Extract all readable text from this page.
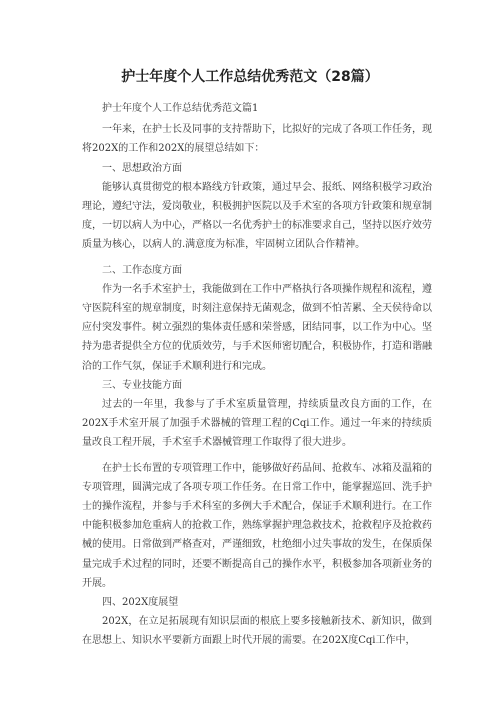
护士年度个人工作总结优秀范文（28篇）

护士年度个人工作总结优秀范文篇1

一年来，在护士长及同事的支持帮助下，比拟好的完成了各项工作任务，现将202X的工作和202X的展望总结如下：

一、思想政治方面

能够认真贯彻党的根本路线方针政策，通过早会、报纸、网络积极学习政治理论，遵纪守法，爱岗敬业，积极拥护医院以及手术室的各项方针政策和规章制度，一切以病人为中心，严格以一名优秀护士的标准要求自己，坚持以医疗效劳质量为核心，以病人的.满意度为标准，牢固树立团队合作精神。

二、工作态度方面

作为一名手术室护士，我能做到在工作中严格执行各项操作规程和流程，遵守医院科室的规章制度，时刻注意保持无菌观念，做到不怕苦累、全天侯待命以应付突发事件。树立强烈的集体责任感和荣誉感，团结同事，以工作为中心。坚持为患者提供全方位的优质效劳，与手术医师密切配合，积极协作，打造和谐融洽的工作气氛，保证手术顺利进行和完成。

三、专业技能方面

过去的一年里，我参与了手术室质量管理，持续质量改良方面的工作，在202X手术室开展了加强手术器械的管理工程的Cqi工作。通过一年来的持续质量改良工程开展，手术室手术器械管理工作取得了很大进步。

在护士长布置的专项管理工作中，能够做好药品间、抢救车、冰箱及温箱的专项管理，圆满完成了各项专项工作任务。在日常工作中，能掌握巡回、洗手护士的操作流程，并参与手术科室的多例大手术配合，保证手术顺利进行。在工作中能积极参加危重病人的抢救工作，熟练掌握护理急救技术，抢救程序及抢救药械的使用。日常做到严格查对，严谨细致，杜绝细小过失事故的发生，在保质保量完成手术过程的同时，还要不断提高自己的操作水平，积极参加各项新业务的开展。

四、202X度展望

202X，在立足拓展现有知识层面的根底上要多接触新技术、新知识，做到在思想上、知识水平要新方面跟上时代开展的需要。在202X度Cqi工作中，
